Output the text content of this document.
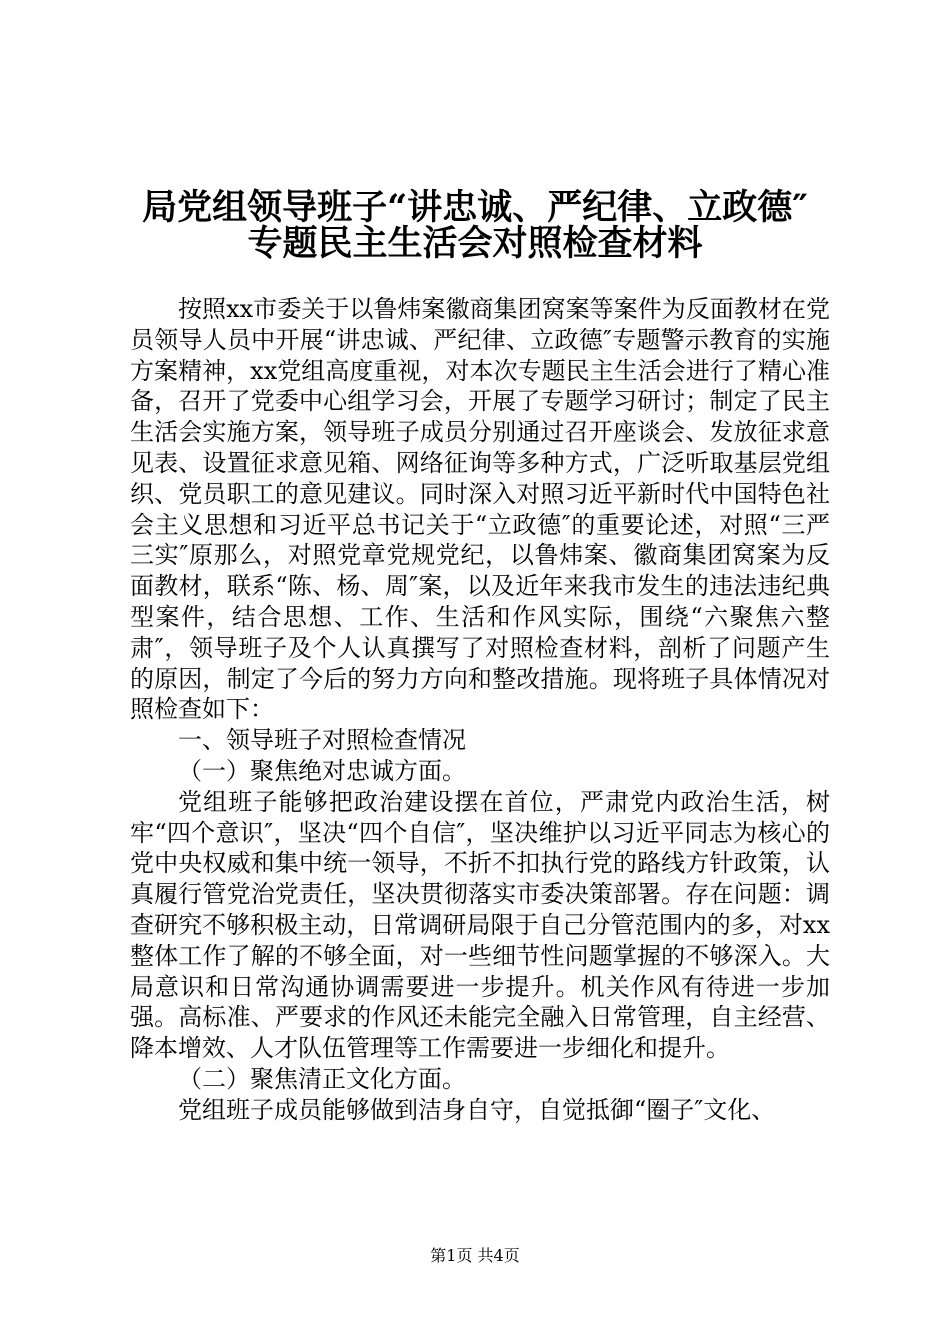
局党组领导班子“讲忠诚、严纪律、立政德″
专题民主生活会对照检查材料

按照xx市委关于以鲁炜案徽商集团窝案等案件为反面教材在党员领导人员中开展“讲忠诚、严纪律、立政德″专题警示教育的实施方案精神，xx党组高度重视，对本次专题民主生活会进行了精心准备，召开了党委中心组学习会，开展了专题学习研讨；制定了民主生活会实施方案，领导班子成员分别通过召开座谈会、发放征求意见表、设置征求意见箱、网络征询等多种方式，广泛听取基层党组织、党员职工的意见建议。同时深入对照习近平新时代中国特色社会主义思想和习近平总书记关于“立政德″的重要论述，对照“三严三实″原那么，对照党章党规党纪，以鲁炜案、徽商集团窝案为反面教材，联系“陈、杨、周″案，以及近年来我市发生的违法违纪典型案件，结合思想、工作、生活和作风实际，围绕“六聚焦六整肃″，领导班子及个人认真撰写了对照检查材料，剖析了问题产生的原因，制定了今后的努力方向和整改措施。现将班子具体情况对照检查如下：

一、领导班子对照检查情况

（一）聚焦绝对忠诚方面。

党组班子能够把政治建设摆在首位，严肃党内政治生活，树牢“四个意识″，坚决“四个自信″，坚决维护以习近平同志为核心的党中央权威和集中统一领导，不折不扣执行党的路线方针政策，认真履行管党治党责任，坚决贯彻落实市委决策部署。存在问题：调查研究不够积极主动，日常调研局限于自己分管范围内的多，对xx整体工作了解的不够全面，对一些细节性问题掌握的不够深入。大局意识和日常沟通协调需要进一步提升。机关作风有待进一步加强。高标准、严要求的作风还未能完全融入日常管理，自主经营、降本增效、人才队伍管理等工作需要进一步细化和提升。

（二）聚焦清正文化方面。

党组班子成员能够做到洁身自守，自觉抵御“圈子″文化、

第1页 共4页
